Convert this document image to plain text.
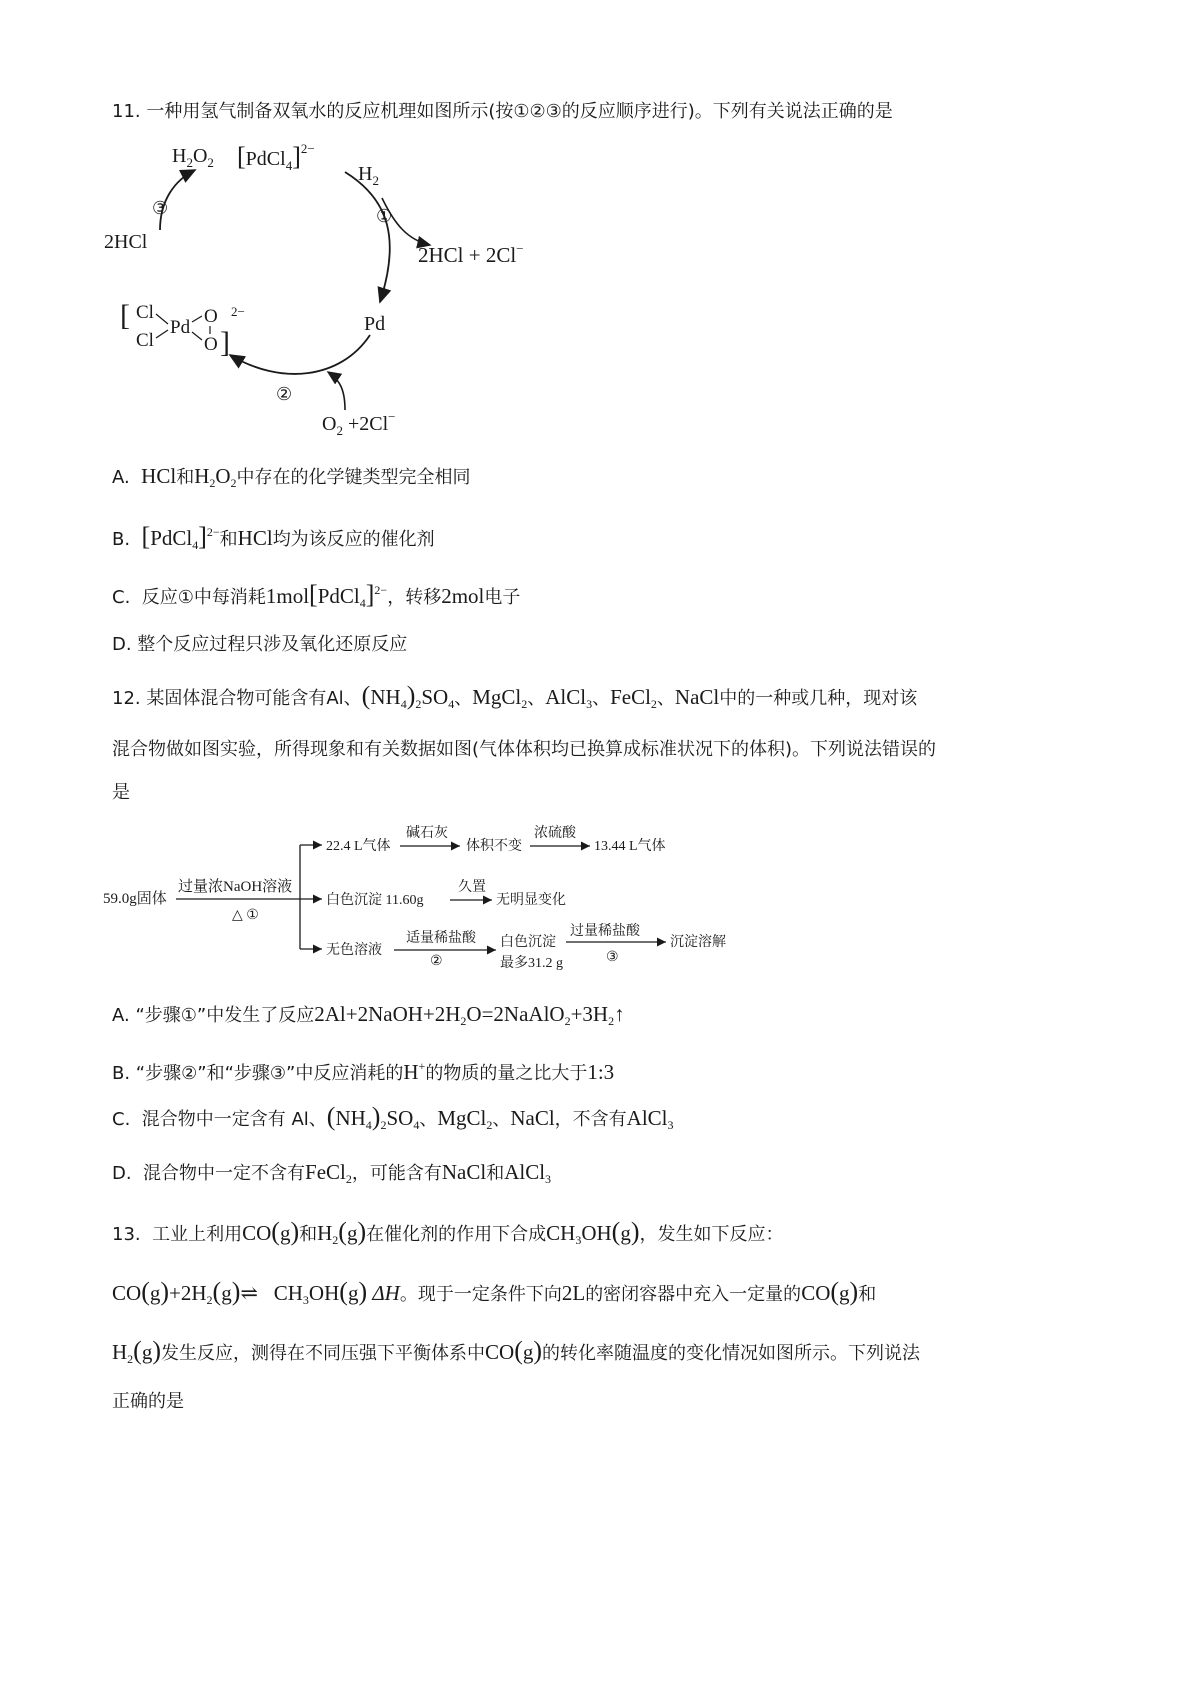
11. 一种用氢气制备双氧水的反应机理如图所示(按①②③的反应顺序进行)。下列有关说法正确的是
$H_2O_2$ [PdCl$_4$]$^{2-}$
$H_2$
①
2HCl + 2Cl−
Pd
②
$O_2 +2Cl^-$
③
2HCl
[ Cl
Cl
Pd
O
O ]
2−
A.  HCl和$H_2O_2$中存在的化学键类型完全相同
B.  [PdCl$_4$]$^{2-}$和HCl均为该反应的催化剂
C.  反应①中每消耗1mol[PdCl$_4$]$^{2-}$，转移2mol电子
D. 整个反应过程只涉及氧化还原反应
12. 某固体混合物可能含有Al、$(NH_4)_2SO_4$、MgCl$_2$、AlCl$_3$、FeCl$_2$、NaCl中的一种或几种，现对该
混合物做如图实验，所得现象和有关数据如图(气体体积均已换算成标准状况下的体积)。下列说法错误的
是
59.0g固体
过量浓NaOH溶液
△ ①
22.4 L气体
碱石灰
体积不变
浓硫酸
13.44 L气体
白色沉淀 11.60g
久置
无明显变化
无色溶液
适量稀盐酸
②
白色沉淀
最多31.2 g
过量稀盐酸
③
沉淀溶解
A. “步骤①”中发生了反应$2Al+2NaOH+2H_2O=2NaAlO_2+3H_2↑$
B. “步骤②”和“步骤③”中反应消耗的H+的物质的量之比大于1:3
C.  混合物中一定含有 Al、$(NH_4)_2SO_4$、MgCl$_2$、NaCl，不含有AlCl$_3$
D.  混合物中一定不含有FeCl$_2$，可能含有NaCl和AlCl$_3$
13.  工业上利用CO(g)和$H_2(g)$在催化剂的作用下合成$CH_3OH(g)$，发生如下反应：
$CO(g)+2H_2(g)\rightleftharpoons$   $CH_3OH(g)$ ΔH。现于一定条件下向2L的密闭容器中充入一定量的CO(g)和
$H_2(g)$发生反应，测得在不同压强下平衡体系中CO(g)的转化率随温度的变化情况如图所示。下列说法
正确的是
